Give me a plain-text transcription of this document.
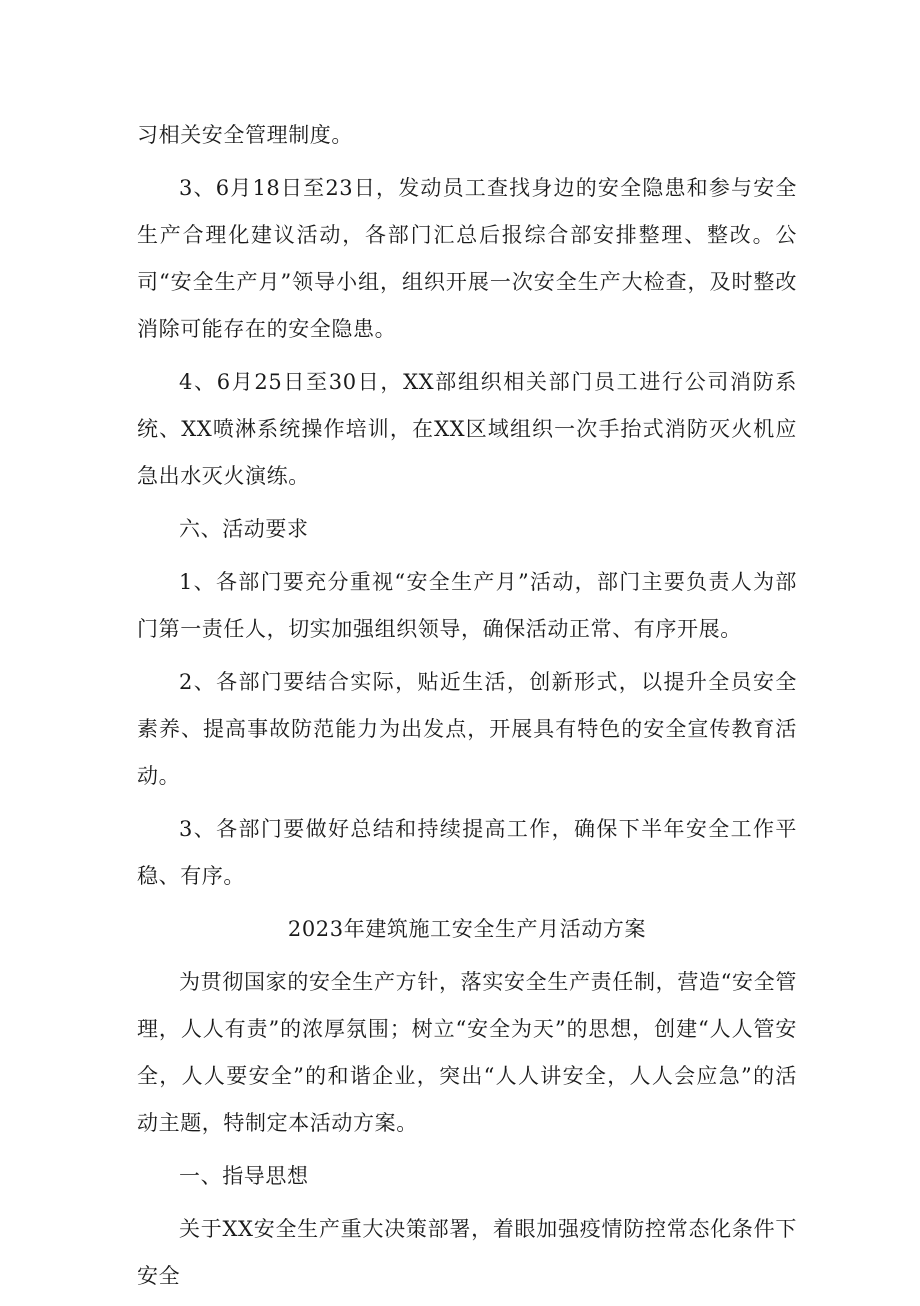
习相关安全管理制度。

3、6月18日至23日，发动员工查找身边的安全隐患和参与安全生产合理化建议活动，各部门汇总后报综合部安排整理、整改。公司“安全生产月”领导小组，组织开展一次安全生产大检查，及时整改消除可能存在的安全隐患。

4、6月25日至30日，XX部组织相关部门员工进行公司消防系统、XX喷淋系统操作培训，在XX区域组织一次手抬式消防灭火机应急出水灭火演练。

六、活动要求

1、各部门要充分重视“安全生产月”活动，部门主要负责人为部门第一责任人，切实加强组织领导，确保活动正常、有序开展。

2、各部门要结合实际，贴近生活，创新形式，以提升全员安全素养、提高事故防范能力为出发点，开展具有特色的安全宣传教育活动。

3、各部门要做好总结和持续提高工作，确保下半年安全工作平稳、有序。

2023年建筑施工安全生产月活动方案

为贯彻国家的安全生产方针，落实安全生产责任制，营造“安全管理，人人有责”的浓厚氛围；树立“安全为天”的思想，创建“人人管安全，人人要安全”的和谐企业，突出“人人讲安全，人人会应急”的活动主题，特制定本活动方案。

一、指导思想

关于XX安全生产重大决策部署，着眼加强疫情防控常态化条件下安全
